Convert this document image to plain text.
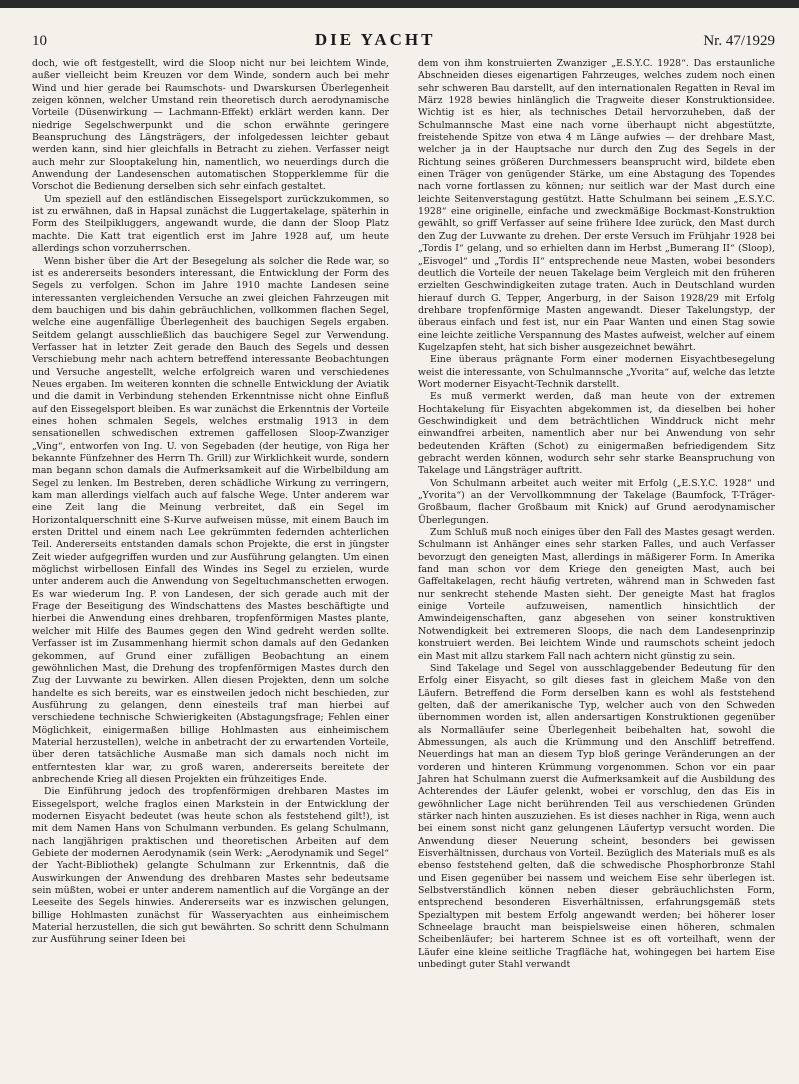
10	DIE YACHT	Nr. 47/1929

doch, wie oft festgestellt, wird die Sloop nicht nur bei leichtem Winde, außer vielleicht beim Kreuzen vor dem Winde, sondern auch bei mehr Wind und hier gerade bei Raumschots- und Dwarskursen Überlegenheit zeigen können, welcher Umstand rein theoretisch durch aerodynamische Vorteile (Düsenwirkung — Lachmann-Effekt) erklärt werden kann. Der niedrige Segelschwerpunkt und die schon erwähnte geringere Beanspruchung des Längsträgers, der infolgedessen leichter gebaut werden kann, sind hier gleichfalls in Betracht zu ziehen. Verfasser neigt auch mehr zur Slooptakelung hin, namentlich, wo neuerdings durch die Anwendung der Landesenschen automatischen Stopperklemme für die Vorschot die Bedienung derselben sich sehr einfach gestaltet.

Um speziell auf den estländischen Eissegelsport zurückzukommen, so ist zu erwähnen, daß in Hapsal zunächst die Luggertakelage, späterhin in Form des Steilpikluggers, angewandt wurde, die dann der Sloop Platz machte. Die Katt trat eigentlich erst im Jahre 1928 auf, um heute allerdings schon vorzuherrschen.

Wenn bisher über die Art der Besegelung als solcher die Rede war, so ist es andererseits besonders interessant, die Entwicklung der Form des Segels zu verfolgen. Schon im Jahre 1910 machte Landesen seine interessanten vergleichenden Versuche an zwei gleichen Fahrzeugen mit dem bauchigen und bis dahin gebräuchlichen, vollkommen flachen Segel, welche eine augenfällige Überlegenheit des bauchigen Segels ergaben. Seitdem gelangt ausschließlich das bauchigere Segel zur Verwendung. Verfasser hat in letzter Zeit gerade den Bauch des Segels und dessen Verschiebung mehr nach achtern betreffend interessante Beobachtungen und Versuche angestellt, welche erfolgreich waren und verschiedenes Neues ergaben. Im weiteren konnten die schnelle Entwicklung der Aviatik und die damit in Verbindung stehenden Erkenntnisse nicht ohne Einfluß auf den Eissegelsport bleiben. Es war zunächst die Erkenntnis der Vorteile eines hohen schmalen Segels, welches erstmalig 1913 in dem sensationellen schwedischen extremen gaffellosen Sloop-Zwanziger „Ving“, entworfen von Ing. U. von Segebaden (der heutige, von Riga her bekannte Fünfzehner des Herrn Th. Grill) zur Wirklichkeit wurde, sondern man begann schon damals die Aufmerksamkeit auf die Wirbelbildung am Segel zu lenken. Im Bestreben, deren schädliche Wirkung zu verringern, kam man allerdings vielfach auch auf falsche Wege. Unter anderem war eine Zeit lang die Meinung verbreitet, daß ein Segel im Horizontalquerschnitt eine S-Kurve aufweisen müsse, mit einem Bauch im ersten Drittel und einem nach Lee gekrümmten federnden achterlichen Teil. Andererseits entstanden damals schon Projekte, die erst in jüngster Zeit wieder aufgegriffen wurden und zur Ausführung gelangten. Um einen möglichst wirbellosen Einfall des Windes ins Segel zu erzielen, wurde unter anderem auch die Anwendung von Segeltuchmanschetten erwogen. Es war wiederum Ing. P. von Landesen, der sich gerade auch mit der Frage der Beseitigung des Windschattens des Mastes beschäftigte und hierbei die Anwendung eines drehbaren, tropfenförmigen Mastes plante, welcher mit Hilfe des Baumes gegen den Wind gedreht werden sollte. Verfasser ist im Zusammenhang hiermit schon damals auf den Gedanken gekommen, auf Grund einer zufälligen Beobachtung an einem gewöhnlichen Mast, die Drehung des tropfenförmigen Mastes durch den Zug der Luvwante zu bewirken. Allen diesen Projekten, denn um solche handelte es sich bereits, war es einstweilen jedoch nicht beschieden, zur Ausführung zu gelangen, denn einesteils traf man hierbei auf verschiedene technische Schwierigkeiten (Abstagungsfrage; Fehlen einer Möglichkeit, einigermaßen billige Hohlmasten aus einheimischem Material herzustellen), welche in anbetracht der zu erwartenden Vorteile, über deren tatsächliche Ausmaße man sich damals noch nicht im entferntesten klar war, zu groß waren, andererseits bereitete der anbrechende Krieg all diesen Projekten ein frühzeitiges Ende.

Die Einführung jedoch des tropfenförmigen drehbaren Mastes im Eissegelsport, welche fraglos einen Markstein in der Entwicklung der modernen Eisyacht bedeutet (was heute schon als feststehend gilt!), ist mit dem Namen Hans von Schulmann verbunden. Es gelang Schulmann, nach langjährigen praktischen und theoretischen Arbeiten auf dem Gebiete der modernen Aerodynamik (sein Werk: „Aerodynamik und Segel“ der Yacht-Bibliothek) gelangte Schulmann zur Erkenntnis, daß die Auswirkungen der Anwendung des drehbaren Mastes sehr bedeutsame sein müßten, wobei er unter anderem namentlich auf die Vorgänge an der Leeseite des Segels hinwies. Andererseits war es inzwischen gelungen, billige Hohlmasten zunächst für Wasseryachten aus einheimischem Material herzustellen, die sich gut bewährten. So schritt denn Schulmann zur Ausführung seiner Ideen bei

dem von ihm konstruierten Zwanziger „E.S.Y.C. 1928“. Das erstaunliche Abschneiden dieses eigenartigen Fahrzeuges, welches zudem noch einen sehr schweren Bau darstellt, auf den internationalen Regatten in Reval im März 1928 bewies hinlänglich die Tragweite dieser Konstruktionsidee. Wichtig ist es hier, als technisches Detail hervorzuheben, daß der Schulmannsche Mast eine nach vorne überhaupt nicht abgestützte, freistehende Spitze von etwa 4 m Länge aufwies — der drehbare Mast, welcher ja in der Hauptsache nur durch den Zug des Segels in der Richtung seines größeren Durchmessers beansprucht wird, bildete eben einen Träger von genügender Stärke, um eine Abstagung des Topendes nach vorne fortlassen zu können; nur seitlich war der Mast durch eine leichte Seitenverstagung gestützt. Hatte Schulmann bei seinem „E.S.Y.C. 1928“ eine originelle, einfache und zweckmäßige Bockmast-Konstruktion gewählt, so griff Verfasser auf seine frühere Idee zurück, den Mast durch den Zug der Luvwante zu drehen. Der erste Versuch im Frühjahr 1928 bei „Tordis I“ gelang, und so erhielten dann im Herbst „Bumerang II“ (Sloop), „Eisvogel“ und „Tordis II“ entsprechende neue Masten, wobei besonders deutlich die Vorteile der neuen Takelage beim Vergleich mit den früheren erzielten Geschwindigkeiten zutage traten. Auch in Deutschland wurden hierauf durch G. Tepper, Angerburg, in der Saison 1928/29 mit Erfolg drehbare tropfenförmige Masten angewandt. Dieser Takelungstyp, der überaus einfach und fest ist, nur ein Paar Wanten und einen Stag sowie eine leichte zeitliche Verspannung des Mastes aufweist, welcher auf einem Kugelzapfen steht, hat sich bisher ausgezeichnet bewährt.

Eine überaus prägnante Form einer modernen Eisyachtbesegelung weist die interessante, von Schulmannsche „Yvorita“ auf, welche das letzte Wort moderner Eisyacht-Technik darstellt.

Es muß vermerkt werden, daß man heute von der extremen Hochtakelung für Eisyachten abgekommen ist, da dieselben bei hoher Geschwindigkeit und dem beträchtlichen Winddruck nicht mehr einwandfrei arbeiten, namentlich aber nur bei Anwendung von sehr bedeutenden Kräften (Schot) zu einigermaßen befriedigendem Sitz gebracht werden können, wodurch sehr sehr starke Beanspruchung von Takelage und Längsträger auftritt.

Von Schulmann arbeitet auch weiter mit Erfolg („E.S.Y.C. 1928“ und „Yvorita“) an der Vervollkommnung der Takelage (Baumfock, T-Träger-Großbaum, flacher Großbaum mit Knick) auf Grund aerodynamischer Überlegungen.

Zum Schluß muß noch einiges über den Fall des Mastes gesagt werden. Schulmann ist Anhänger eines sehr starken Falles, und auch Verfasser bevorzugt den geneigten Mast, allerdings in mäßigerer Form. In Amerika fand man schon vor dem Kriege den geneigten Mast, auch bei Gaffeltakelagen, recht häufig vertreten, während man in Schweden fast nur senkrecht stehende Masten sieht. Der geneigte Mast hat fraglos einige Vorteile aufzuweisen, namentlich hinsichtlich der Amwindeigenschaften, ganz abgesehen von seiner konstruktiven Notwendigkeit bei extremeren Sloops, die nach dem Landesenprinzip konstruiert werden. Bei leichtem Winde und raumschots scheint jedoch ein Mast mit allzu starkem Fall nach achtern nicht günstig zu sein.

Sind Takelage und Segel von ausschlaggebender Bedeutung für den Erfolg einer Eisyacht, so gilt dieses fast in gleichem Maße von den Läufern. Betreffend die Form derselben kann es wohl als feststehend gelten, daß der amerikanische Typ, welcher auch von den Schweden übernommen worden ist, allen andersartigen Konstruktionen gegenüber als Normalläufer seine Überlegenheit beibehalten hat, sowohl die Abmessungen, als auch die Krümmung und den Anschliff betreffend. Neuerdings hat man an diesem Typ bloß geringe Veränderungen an der vorderen und hinteren Krümmung vorgenommen. Schon vor ein paar Jahren hat Schulmann zuerst die Aufmerksamkeit auf die Ausbildung des Achterendes der Läufer gelenkt, wobei er vorschlug, den das Eis in gewöhnlicher Lage nicht berührenden Teil aus verschiedenen Gründen stärker nach hinten auszuziehen. Es ist dieses nachher in Riga, wenn auch bei einem sonst nicht ganz gelungenen Läufertyp versucht worden. Die Anwendung dieser Neuerung scheint, besonders bei gewissen Eisverhältnissen, durchaus von Vorteil. Bezüglich des Materials muß es als ebenso feststehend gelten, daß die schwedische Phosphorbronze Stahl und Eisen gegenüber bei nassem und weichem Eise sehr überlegen ist. Selbstverständlich können neben dieser gebräuchlichsten Form, entsprechend besonderen Eisverhältnissen, erfahrungsgemäß stets Spezialtypen mit bestem Erfolg angewandt werden; bei höherer loser Schneelage braucht man beispielsweise einen höheren, schmalen Scheibenläufer; bei harterem Schnee ist es oft vorteilhaft, wenn der Läufer eine kleine seitliche Tragfläche hat, wohingegen bei hartem Eise unbedingt guter Stahl verwandt
